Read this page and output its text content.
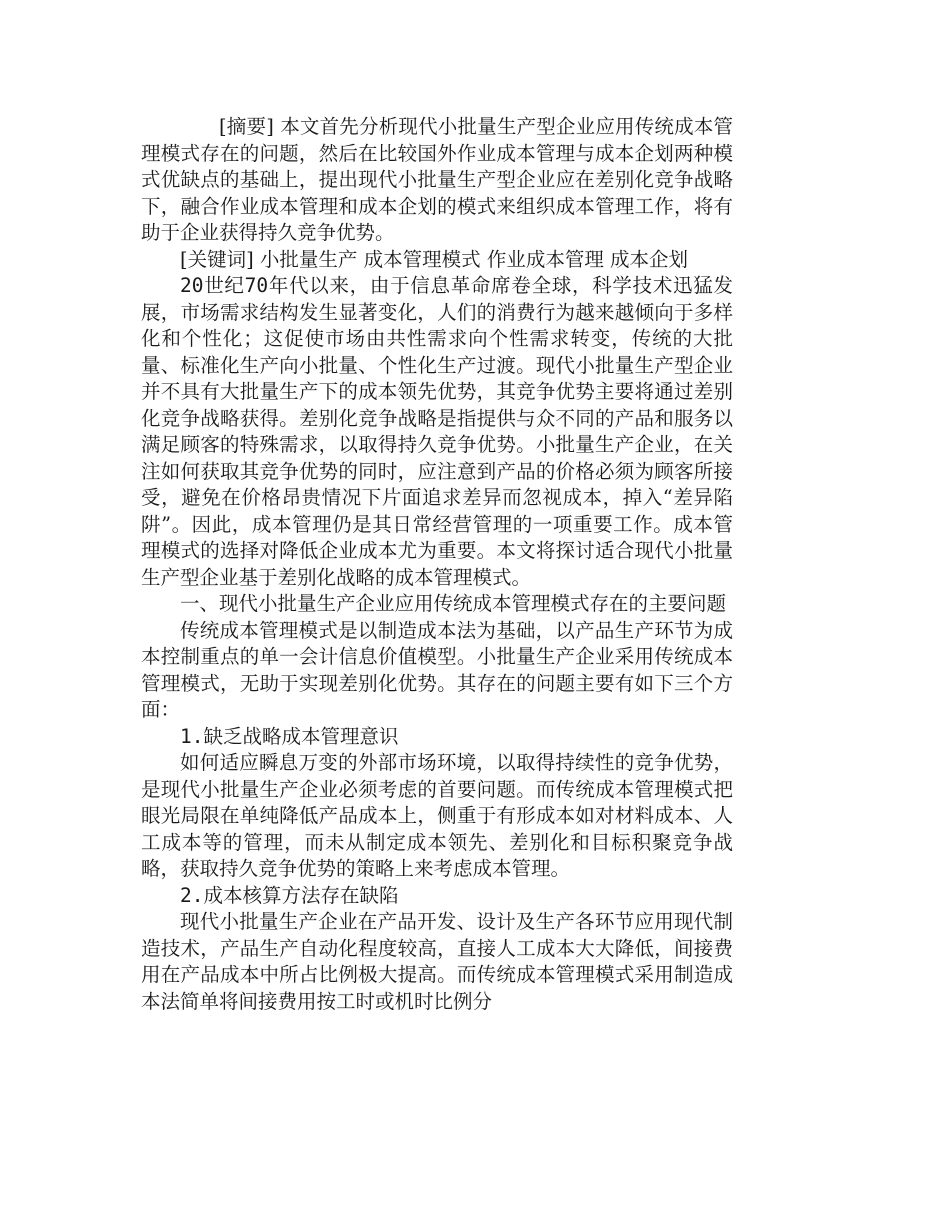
[摘要] 本文首先分析现代小批量生产型企业应用传统成本管理模式存在的问题，然后在比较国外作业成本管理与成本企划两种模式优缺点的基础上，提出现代小批量生产型企业应在差别化竞争战略下，融合作业成本管理和成本企划的模式来组织成本管理工作，将有助于企业获得持久竞争优势。

[关键词] 小批量生产 成本管理模式 作业成本管理 成本企划

20世纪70年代以来，由于信息革命席卷全球，科学技术迅猛发展，市场需求结构发生显著变化，人们的消费行为越来越倾向于多样化和个性化；这促使市场由共性需求向个性需求转变，传统的大批量、标准化生产向小批量、个性化生产过渡。现代小批量生产型企业并不具有大批量生产下的成本领先优势，其竞争优势主要将通过差别化竞争战略获得。差别化竞争战略是指提供与众不同的产品和服务以满足顾客的特殊需求，以取得持久竞争优势。小批量生产企业，在关注如何获取其竞争优势的同时，应注意到产品的价格必须为顾客所接受，避免在价格昂贵情况下片面追求差异而忽视成本，掉入“差异陷阱”。因此，成本管理仍是其日常经营管理的一项重要工作。成本管理模式的选择对降低企业成本尤为重要。本文将探讨适合现代小批量生产型企业基于差别化战略的成本管理模式。

一、现代小批量生产企业应用传统成本管理模式存在的主要问题

传统成本管理模式是以制造成本法为基础，以产品生产环节为成本控制重点的单一会计信息价值模型。小批量生产企业采用传统成本管理模式，无助于实现差别化优势。其存在的问题主要有如下三个方面：

1.缺乏战略成本管理意识

如何适应瞬息万变的外部市场环境，以取得持续性的竞争优势，是现代小批量生产企业必须考虑的首要问题。而传统成本管理模式把眼光局限在单纯降低产品成本上，侧重于有形成本如对材料成本、人工成本等的管理，而未从制定成本领先、差别化和目标积聚竞争战略，获取持久竞争优势的策略上来考虑成本管理。

2.成本核算方法存在缺陷

现代小批量生产企业在产品开发、设计及生产各环节应用现代制造技术，产品生产自动化程度较高，直接人工成本大大降低，间接费用在产品成本中所占比例极大提高。而传统成本管理模式采用制造成本法简单将间接费用按工时或机时比例分
